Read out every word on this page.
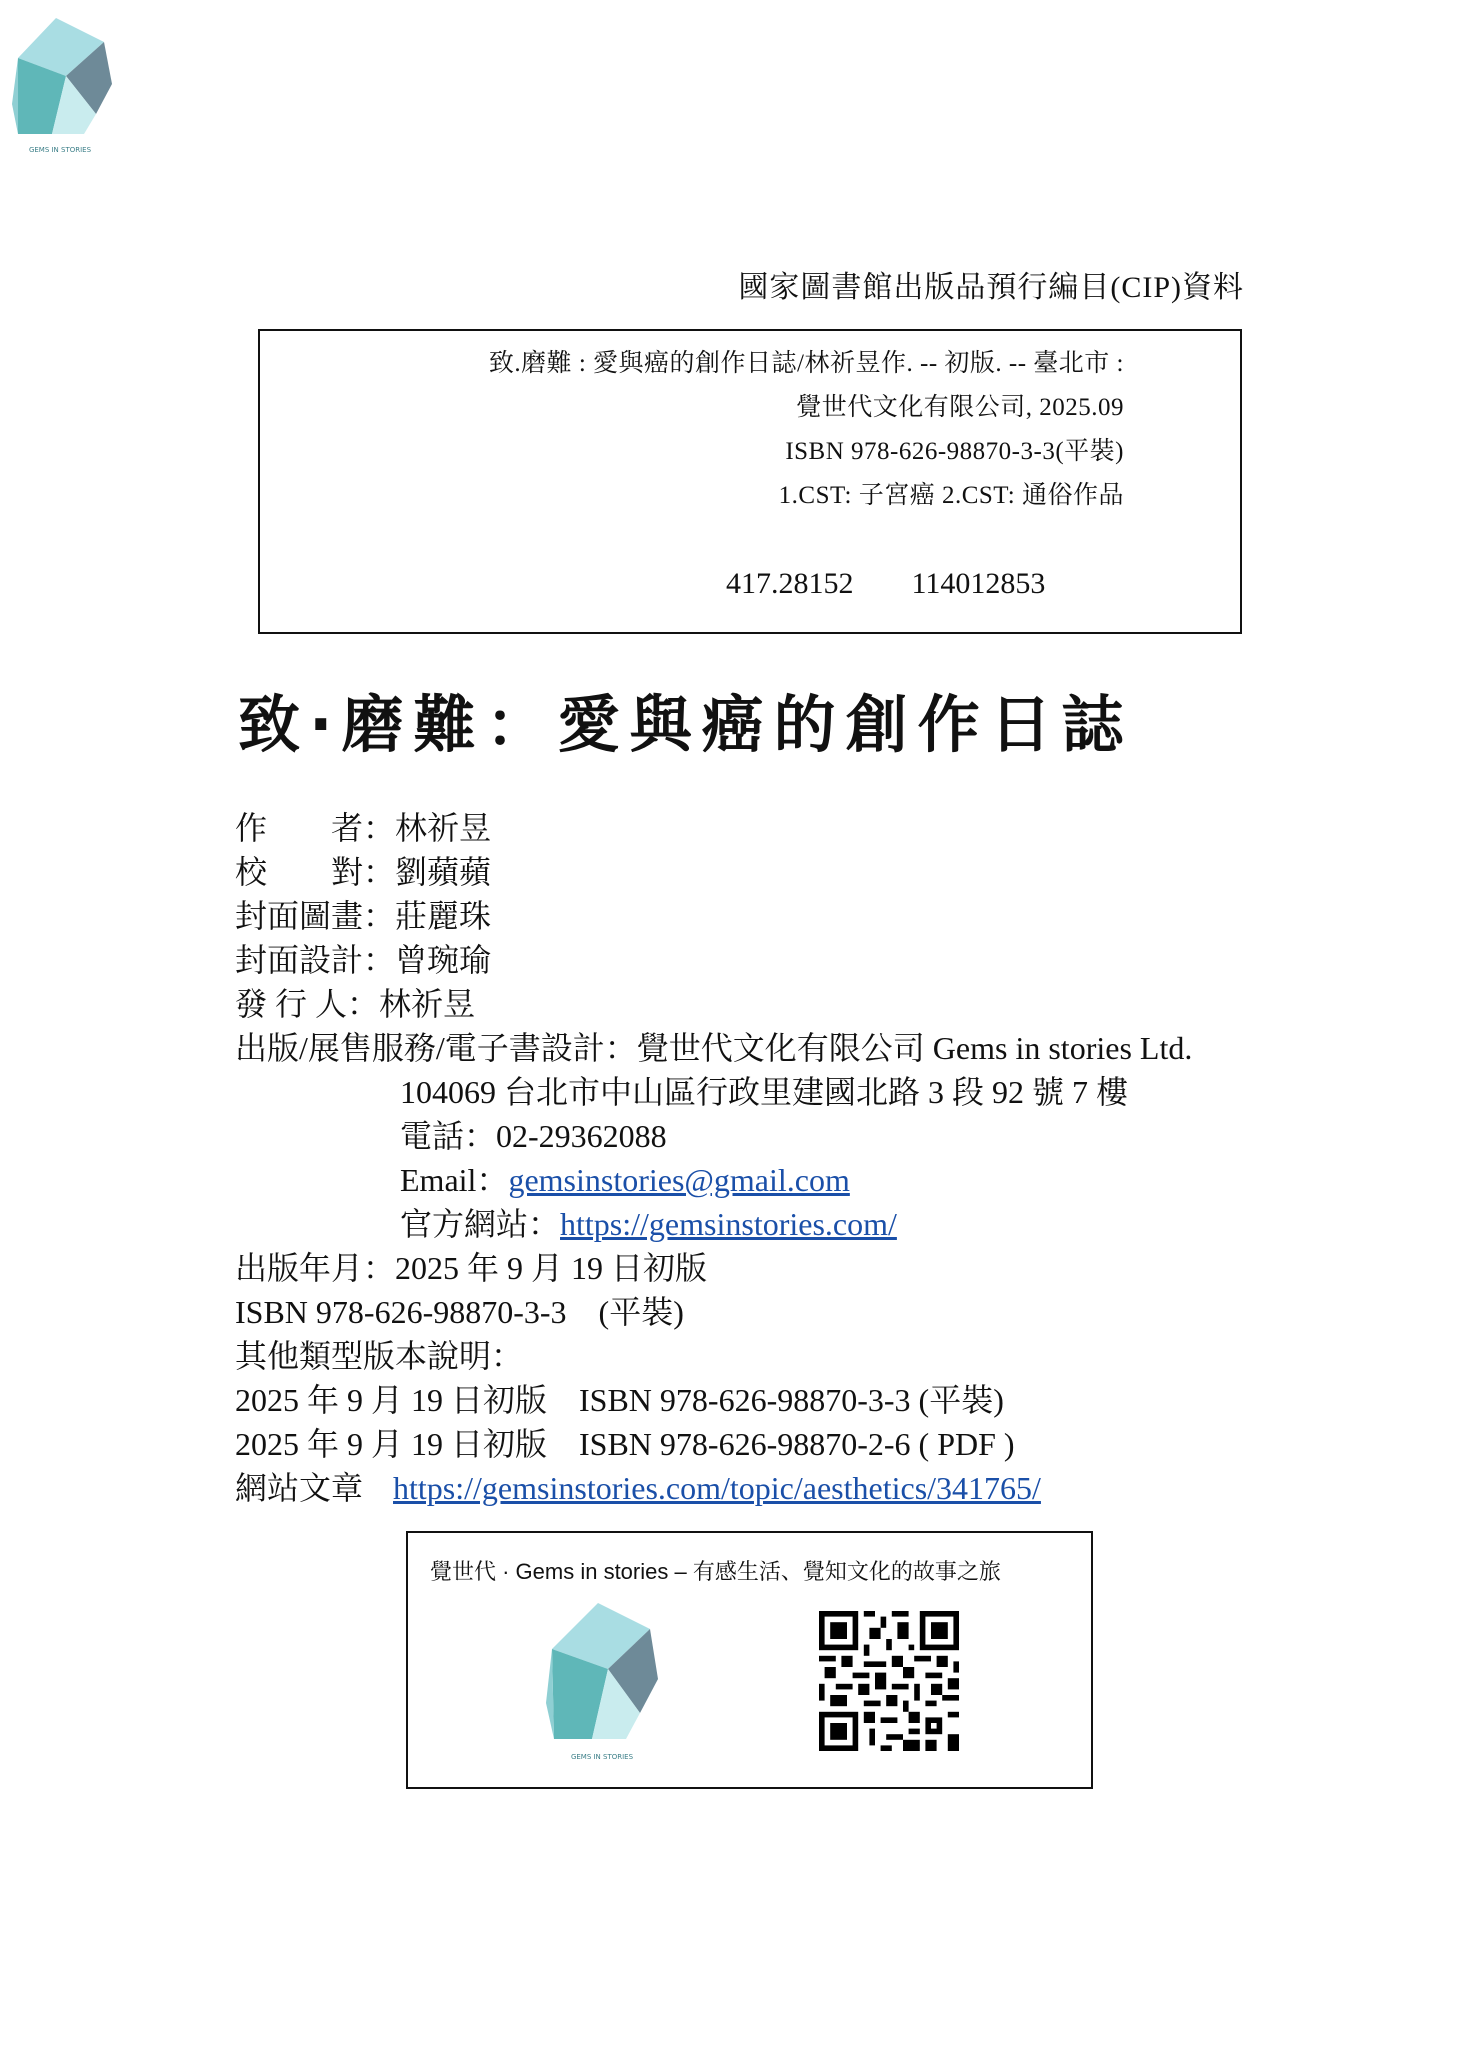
GEMS IN STORIES
國家圖書館出版品預行編目(CIP)資料
致.磨難 : 愛與癌的創作日誌/林祈昱作. -- 初版. -- 臺北市 :
覺世代文化有限公司, 2025.09
ISBN 978-626-98870-3-3(平裝)
1.CST: 子宮癌 2.CST: 通俗作品
417.28152 114012853
致‧磨難：愛與癌的創作日誌
作　　者：林祈昱
校　　對：劉蘋蘋
封面圖畫：莊麗珠
封面設計：曾琬瑜
發 行 人：林祈昱
出版/展售服務/電子書設計：覺世代文化有限公司 Gems in stories Ltd.
104069 台北市中山區行政里建國北路 3 段 92 號 7 樓
電話：02-29362088
Email：gemsinstories@gmail.com
官方網站：https://gemsinstories.com/
出版年月：2025 年 9 月 19 日初版
ISBN 978-626-98870-3-3　(平裝)
其他類型版本說明：
2025 年 9 月 19 日初版　ISBN 978-626-98870-3-3 (平裝)
2025 年 9 月 19 日初版　ISBN 978-626-98870-2-6 ( PDF )
網站文章 https://gemsinstories.com/topic/aesthetics/341765/
覺世代 · Gems in stories – 有感生活、覺知文化的故事之旅
GEMS IN STORIES
